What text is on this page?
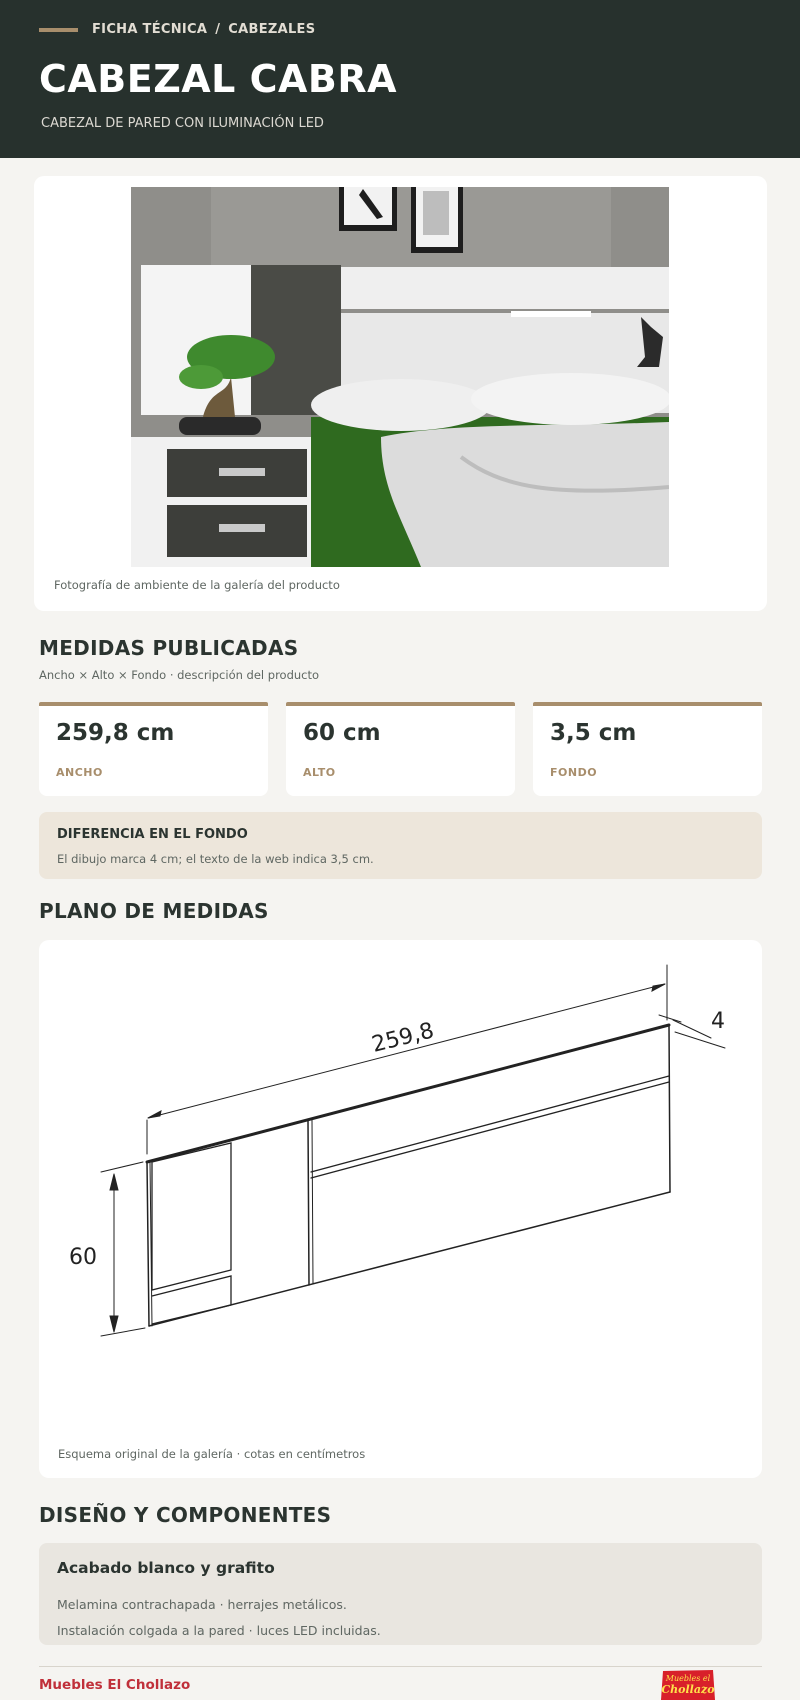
FICHA TÉCNICA / CABEZALES
CABEZAL CABRA
CABEZAL DE PARED CON ILUMINACIÓN LED
Fotografía de ambiente de la galería del producto
MEDIDAS PUBLICADAS
Ancho × Alto × Fondo · descripción del producto
259,8 cm
ANCHO
60 cm
ALTO
3,5 cm
FONDO
DIFERENCIA EN EL FONDO
El dibujo marca 4 cm; el texto de la web indica 3,5 cm.
PLANO DE MEDIDAS
259,8	4
60
Esquema original de la galería · cotas en centímetros
DISEÑO Y COMPONENTES
Acabado blanco y grafito
Melamina contrachapada · herrajes metálicos.
Instalación colgada a la pared · luces LED incluidas.
Muebles El Chollazo	Muebles el
Chollazo
